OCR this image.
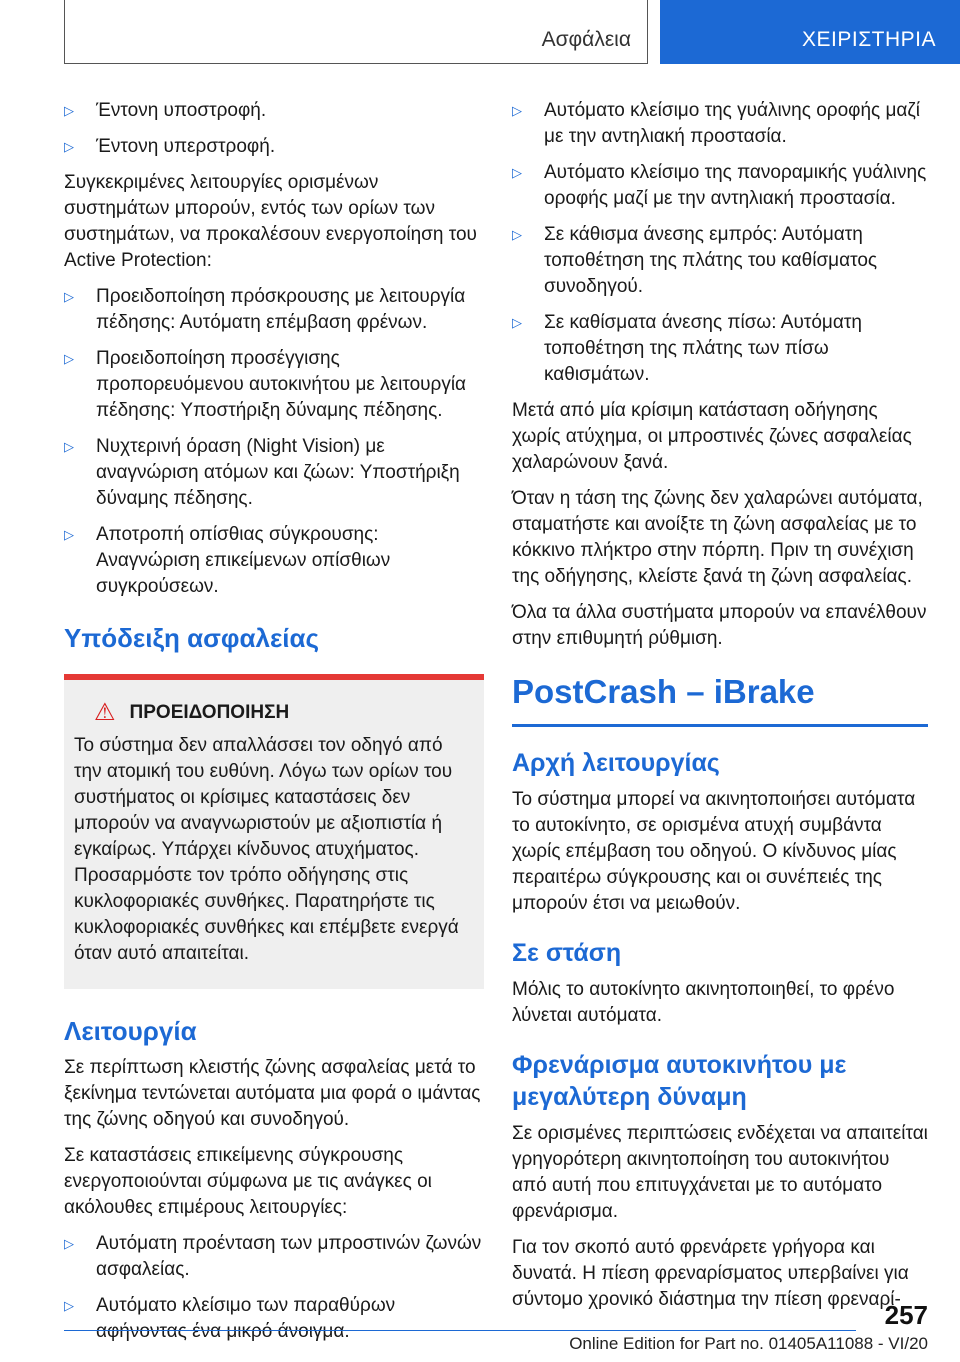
Ασφάλεια	ΧΕΙΡΙΣΤΗΡΙΑ
▷ Έντονη υποστροφή.
▷ Έντονη υπερστροφή.

Συγκεκριμένες λειτουργίες ορισμένων συστημάτων μπορούν, εντός των ορίων των συστημάτων, να προκαλέσουν ενεργοποίηση του Active Protection:

▷ Προειδοποίηση πρόσκρουσης με λειτουργία πέδησης: Αυτόματη επέμβαση φρένων.
▷ Προειδοποίηση προσέγγισης προπορευόμενου αυτοκινήτου με λειτουργία πέδησης: Υποστήριξη δύναμης πέδησης.
▷ Νυχτερινή όραση (Night Vision) με αναγνώριση ατόμων και ζώων: Υποστήριξη δύναμης πέδησης.
▷ Αποτροπή οπίσθιας σύγκρουσης: Αναγνώριση επικείμενων οπίσθιων συγκρούσεων.
Υπόδειξη ασφαλείας
⚠ ΠΡΟΕΙΔΟΠΟΙΗΣΗ

Το σύστημα δεν απαλλάσσει τον οδηγό από την ατομική του ευθύνη. Λόγω των ορίων του συστήματος οι κρίσιμες καταστάσεις δεν μπορούν να αναγνωριστούν με αξιοπιστία ή εγκαίρως. Υπάρχει κίνδυνος ατυχήματος. Προσαρμόστε τον τρόπο οδήγησης στις κυκλοφοριακές συνθήκες. Παρατηρήστε τις κυκλοφοριακές συνθήκες και επέμβετε ενεργά όταν αυτό απαιτείται.

Λειτουργία

Σε περίπτωση κλειστής ζώνης ασφαλείας μετά το ξεκίνημα τεντώνεται αυτόματα μια φορά ο ιμάντας της ζώνης οδηγού και συνοδηγού.

Σε καταστάσεις επικείμενης σύγκρουσης ενεργοποιούνται σύμφωνα με τις ανάγκες οι ακόλουθες επιμέρους λειτουργίες:

▷ Αυτόματη προένταση των μπροστινών ζωνών ασφαλείας.
▷ Αυτόματο κλείσιμο των παραθύρων αφήνοντας ένα μικρό άνοιγμα.
▷ Αυτόματο κλείσιμο της γυάλινης οροφής μαζί με την αντηλιακή προστασία.
▷ Αυτόματο κλείσιμο της πανοραμικής γυάλινης οροφής μαζί με την αντηλιακή προστασία.
▷ Σε κάθισμα άνεσης εμπρός: Αυτόματη τοποθέτηση της πλάτης του καθίσματος συνοδηγού.
▷ Σε καθίσματα άνεσης πίσω: Αυτόματη τοποθέτηση της πλάτης των πίσω καθισμάτων.

Μετά από μία κρίσιμη κατάσταση οδήγησης χωρίς ατύχημα, οι μπροστινές ζώνες ασφαλείας χαλαρώνουν ξανά.

Όταν η τάση της ζώνης δεν χαλαρώνει αυτόματα, σταματήστε και ανοίξτε τη ζώνη ασφαλείας με το κόκκινο πλήκτρο στην πόρπη. Πριν τη συνέχιση της οδήγησης, κλείστε ξανά τη ζώνη ασφαλείας.

Όλα τα άλλα συστήματα μπορούν να επανέλθουν στην επιθυμητή ρύθμιση.

PostCrash – iBrake
Αρχή λειτουργίας

Το σύστημα μπορεί να ακινητοποιήσει αυτόματα το αυτοκίνητο, σε ορισμένα ατυχή συμβάντα χωρίς επέμβαση του οδηγού. Ο κίνδυνος μίας περαιτέρω σύγκρουσης και οι συνέπειές της μπορούν έτσι να μειωθούν.

Σε στάση

Μόλις το αυτοκίνητο ακινητοποιηθεί, το φρένο λύνεται αυτόματα.

Φρενάρισμα αυτοκινήτου με μεγαλύτερη δύναμη

Σε ορισμένες περιπτώσεις ενδέχεται να απαιτείται γρηγορότερη ακινητοποίηση του αυτοκινήτου από αυτή που επιτυγχάνεται με το αυτόματο φρενάρισμα.

Για τον σκοπό αυτό φρενάρετε γρήγορα και δυνατά. Η πίεση φρεναρίσματος υπερβαίνει για σύντομο χρονικό διάστημα την πίεση φρεναρί-

257
Online Edition for Part no. 01405A11088 - VI/20
